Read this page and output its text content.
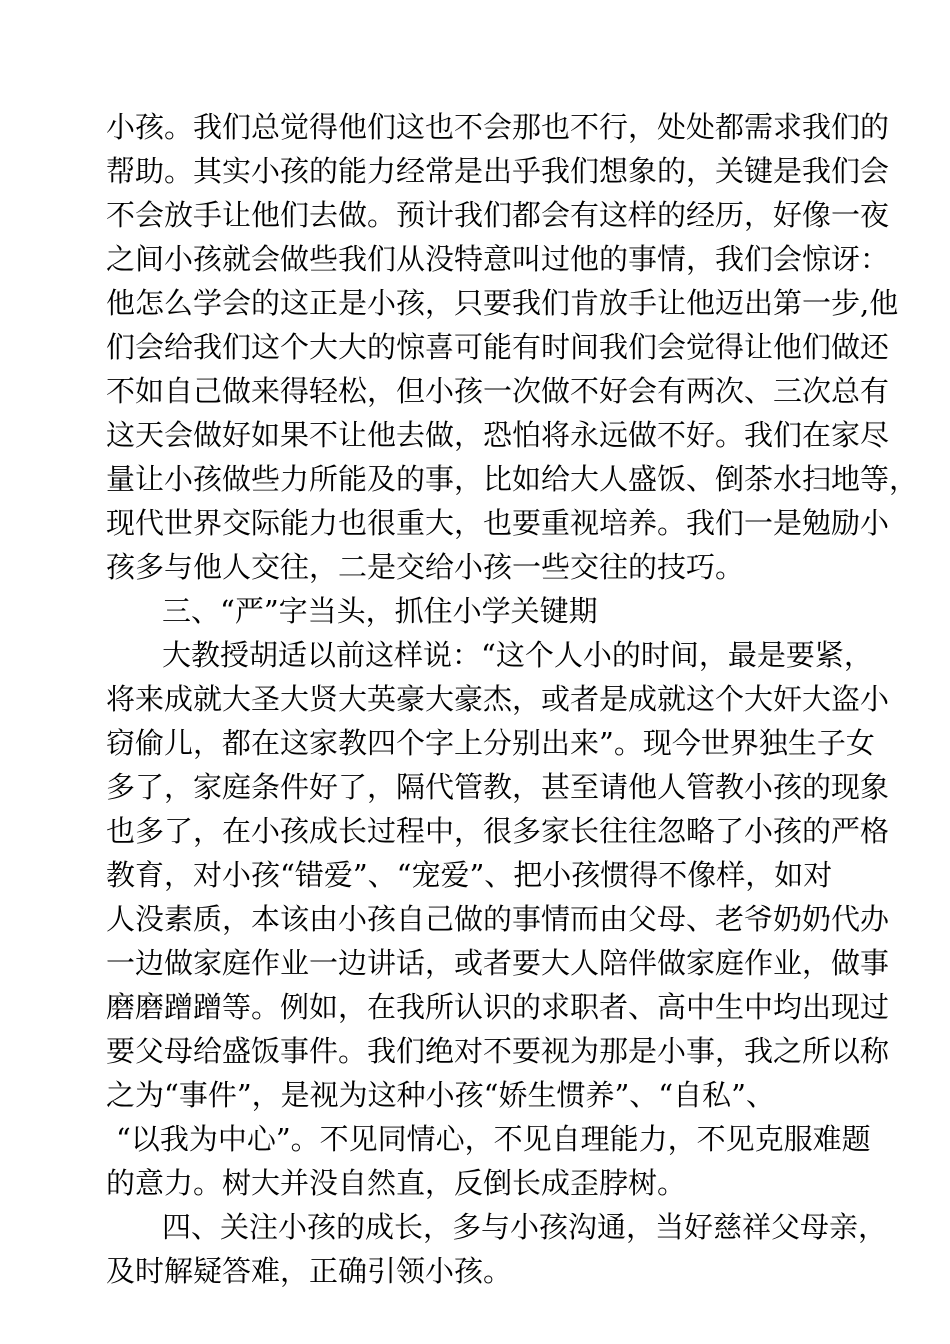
小孩。我们总觉得他们这也不会那也不行，处处都需求我们的
帮助。其实小孩的能力经常是出乎我们想象的，关键是我们会
不会放手让他们去做。预计我们都会有这样的经历，好像一夜
之间小孩就会做些我们从没特意叫过他的事情，我们会惊讶：
他怎么学会的这正是小孩，只要我们肯放手让他迈出第一步,他
们会给我们这个大大的惊喜可能有时间我们会觉得让他们做还
不如自己做来得轻松，但小孩一次做不好会有两次、三次总有
这天会做好如果不让他去做，恐怕将永远做不好。我们在家尽
量让小孩做些力所能及的事，比如给大人盛饭、倒茶水扫地等，
现代世界交际能力也很重大，也要重视培养。我们一是勉励小
孩多与他人交往，二是交给小孩一些交往的技巧。
三、“严”字当头，抓住小学关键期
大教授胡适以前这样说：“这个人小的时间，最是要紧，
将来成就大圣大贤大英豪大豪杰，或者是成就这个大奸大盗小
窃偷儿，都在这家教四个字上分别出来”。现今世界独生子女
多了，家庭条件好了，隔代管教，甚至请他人管教小孩的现象
也多了，在小孩成长过程中，很多家长往往忽略了小孩的严格
教育，对小孩“错爱”、“宠爱”、把小孩惯得不像样，如对
人没素质，本该由小孩自己做的事情而由父母、老爷奶奶代办
一边做家庭作业一边讲话，或者要大人陪伴做家庭作业，做事
磨磨蹭蹭等。例如，在我所认识的求职者、高中生中均出现过
要父母给盛饭事件。我们绝对不要视为那是小事，我之所以称
之为“事件”，是视为这种小孩“娇生惯养”、“自私”、
“以我为中心”。不见同情心，不见自理能力，不见克服难题
的意力。树大并没自然直，反倒长成歪脖树。
四、关注小孩的成长，多与小孩沟通，当好慈祥父母亲，
及时解疑答难，正确引领小孩。
